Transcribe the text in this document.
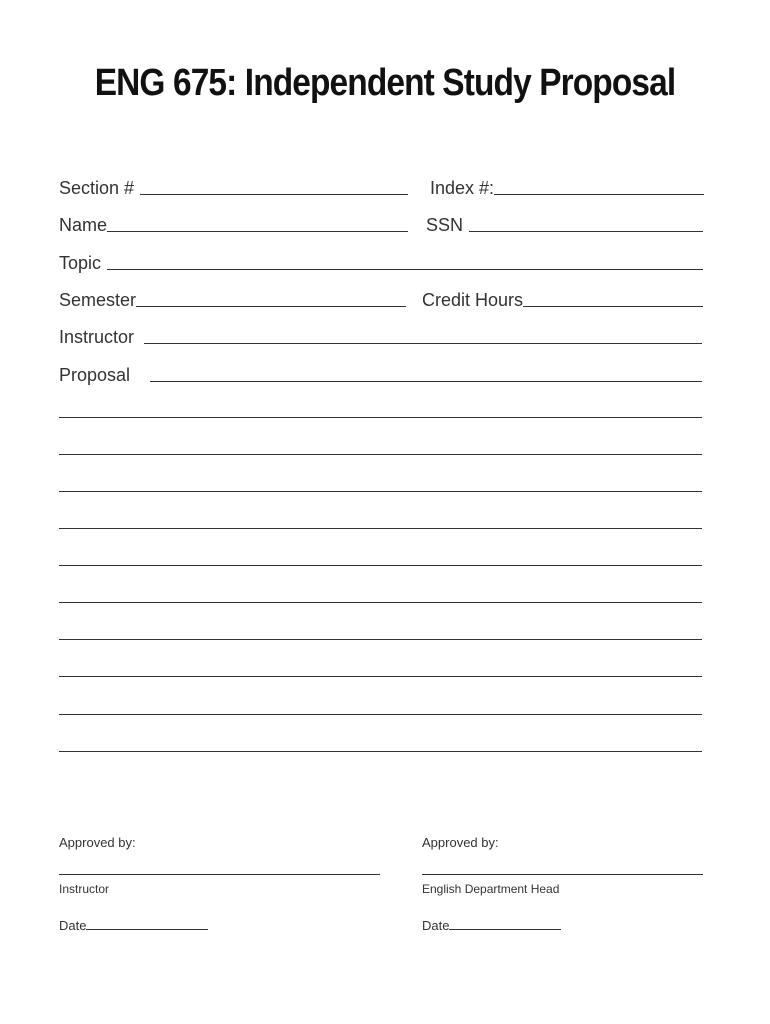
ENG 675: Independent Study Proposal
Section #	Index #:
Name	SSN
Topic
Semester	Credit Hours
Instructor
Proposal
Approved by:
Instructor
Date
Approved by:
English Department Head
Date
